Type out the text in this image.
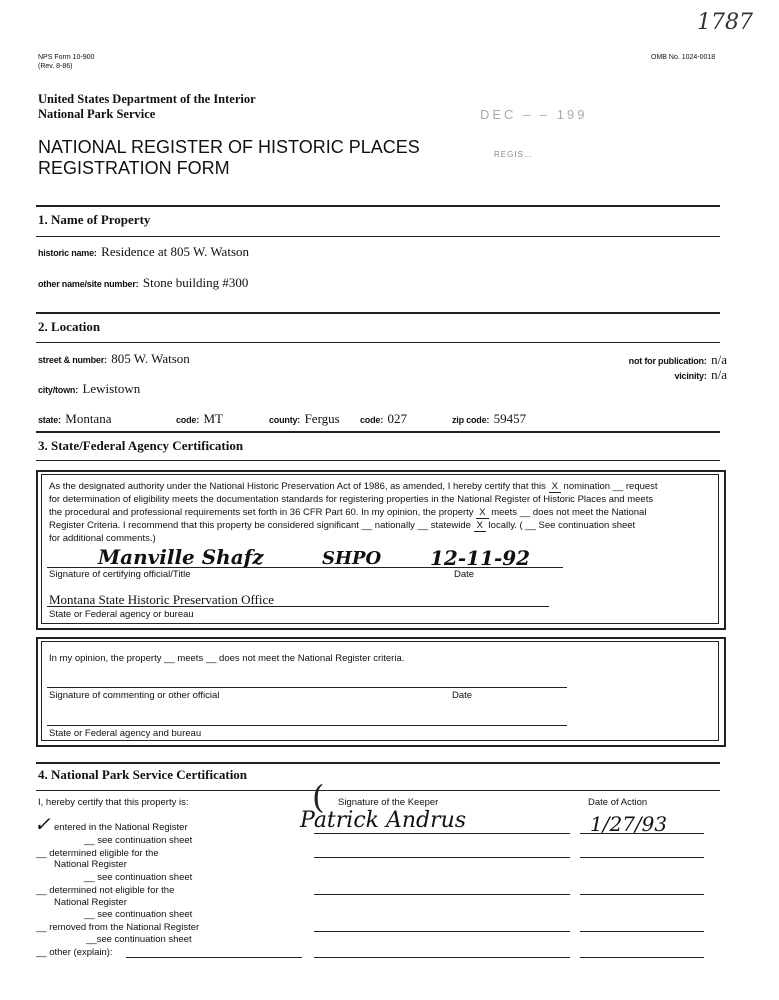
NPS Form 10-900
(Rev. 8-86)
OMB No. 1024-0018
1787
United States Department of the Interior
National Park Service	DEC ‒ ‒ 199
REGIS…
NATIONAL REGISTER OF HISTORIC PLACES
REGISTRATION FORM
1. Name of Property
historic name: Residence at 805 W. Watson
other name/site number: Stone building #300
2. Location
street & number: 805 W. Watson	not for publication: n/a
vicinity: n/a
city/town: Lewistown
state: Montana	code: MT	county: Fergus code: 027	zip code: 59457
3. State/Federal Agency Certification
As the designated authority under the National Historic Preservation Act of 1986, as amended, I hereby certify that this X nomination __ request
for determination of eligibility meets the documentation standards for registering properties in the National Register of Historic Places and meets
the procedural and professional requirements set forth in 36 CFR Part 60. In my opinion, the property X meets __ does not meet the National
Register Criteria. I recommend that this property be considered significant __ nationally __ statewide X locally. ( __ See continuation sheet
for additional comments.)
Manville Shafz	SHPO 12-11-92
Signature of certifying official/Title	Date
Montana State Historic Preservation Office
State or Federal agency or bureau
In my opinion, the property __ meets __ does not meet the National Register criteria.
Signature of commenting or other official	Date
State or Federal agency and bureau
4. National Park Service Certification
I, hereby certify that this property is:	Signature of the Keeper	Date of Action
(
✓ entered in the National Register
__ see continuation sheet
__ determined eligible for the
National Register
__ see continuation sheet
__ determined not eligible for the
National Register
__ see continuation sheet
__ removed from the National Register
__see continuation sheet
__ other (explain):
Patrick Andrus	1/27/93
